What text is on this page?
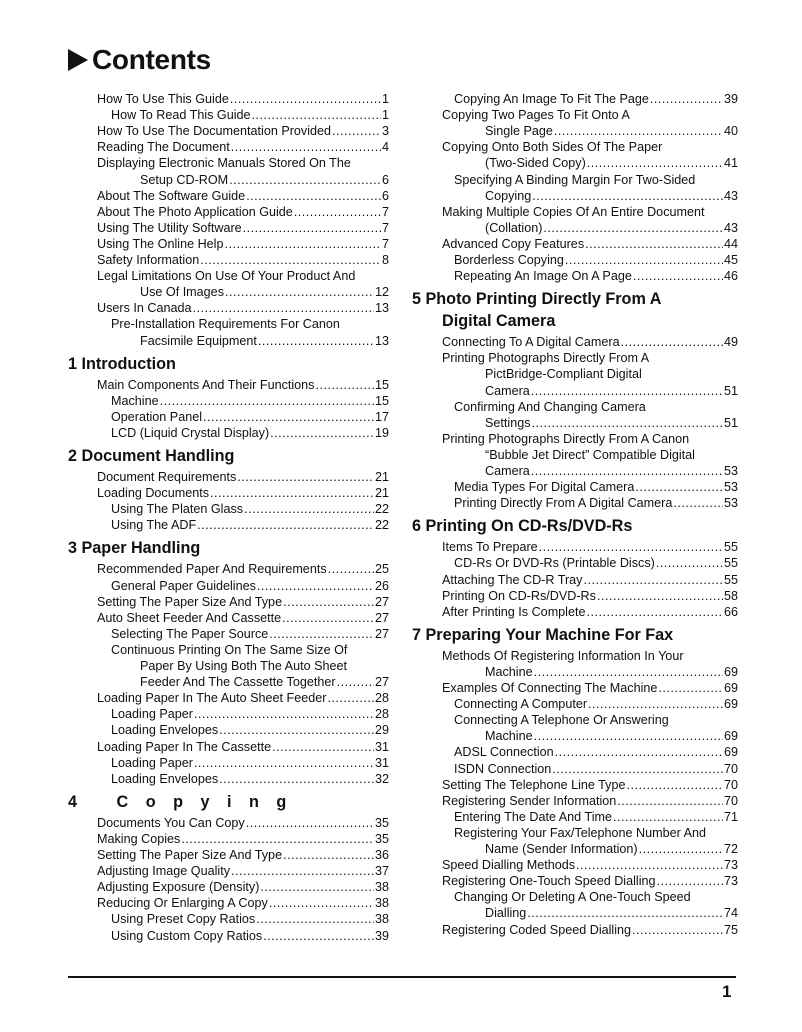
Contents
How To Use This Guide .....	1
How To Read This Guide .....	1
How To Use The Documentation Provided .....	3
Reading The Document .....	4
Displaying Electronic Manuals Stored On The
Setup CD-ROM .....	6
About The Software Guide .....	6
About The Photo Application Guide .....	7
Using The Utility Software .....	7
Using The Online Help .....	7
Safety Information .....	8
Legal Limitations On Use Of Your Product And
Use Of Images .....	12
Users In Canada .....	13
Pre-Installation Requirements For Canon
Facsimile Equipment .....	13
1 Introduction
Main Components And Their Functions .....	15
Machine .....	15
Operation Panel .....	17
LCD (Liquid Crystal Display) .....	19
2 Document Handling
Document Requirements .....	21
Loading Documents .....	21
Using The Platen Glass .....	22
Using The ADF .....	22
3 Paper Handling
Recommended Paper And Requirements .....	25
General Paper Guidelines .....	26
Setting The Paper Size And Type .....	27
Auto Sheet Feeder And Cassette .....	27
Selecting The Paper Source .....	27
Continuous Printing On The Same Size Of
Paper By Using Both The Auto Sheet
Feeder And The Cassette Together .....	27
Loading Paper In The Auto Sheet Feeder .....	28
Loading Paper .....	28
Loading Envelopes .....	29
Loading Paper In The Cassette .....	31
Loading Paper .....	31
Loading Envelopes .....	32
4 Copying
Documents You Can Copy .....	35
Making Copies .....	35
Setting The Paper Size And Type .....	36
Adjusting Image Quality .....	37
Adjusting Exposure (Density) .....	38
Reducing Or Enlarging A Copy .....	38
Using Preset Copy Ratios .....	38
Using Custom Copy Ratios .....	39
Copying An Image To Fit The Page .....	39
Copying Two Pages To Fit Onto A
Single Page .....	40
Copying Onto Both Sides Of The Paper
(Two-Sided Copy) .....	41
Specifying A Binding Margin For Two-Sided
Copying .....	43
Making Multiple Copies Of An Entire Document
(Collation) .....	43
Advanced Copy Features .....	44
Borderless Copying .....	45
Repeating An Image On A Page .....	46
5 Photo Printing Directly From A
Digital Camera
Connecting To A Digital Camera .....	49
Printing Photographs Directly From A
PictBridge-Compliant Digital
Camera .....	51
Confirming And Changing Camera
Settings .....	51
Printing Photographs Directly From A Canon
“Bubble Jet Direct” Compatible Digital
Camera .....	53
Media Types For Digital Camera .....	53
Printing Directly From A Digital Camera .....	53
6 Printing On CD-Rs/DVD-Rs
Items To Prepare .....	55
CD-Rs Or DVD-Rs (Printable Discs) .....	55
Attaching The CD-R Tray .....	55
Printing On CD-Rs/DVD-Rs .....	58
After Printing Is Complete .....	66
7 Preparing Your Machine For Fax
Methods Of Registering Information In Your
Machine .....	69
Examples Of Connecting The Machine .....	69
Connecting A Computer .....	69
Connecting A Telephone Or Answering
Machine .....	69
ADSL Connection .....	69
ISDN Connection .....	70
Setting The Telephone Line Type .....	70
Registering Sender Information .....	70
Entering The Date And Time .....	71
Registering Your Fax/Telephone Number And
Name (Sender Information) .....	72
Speed Dialling Methods .....	73
Registering One-Touch Speed Dialling .....	73
Changing Or Deleting A One-Touch Speed
Dialling .....	74
Registering Coded Speed Dialling .....	75
1
